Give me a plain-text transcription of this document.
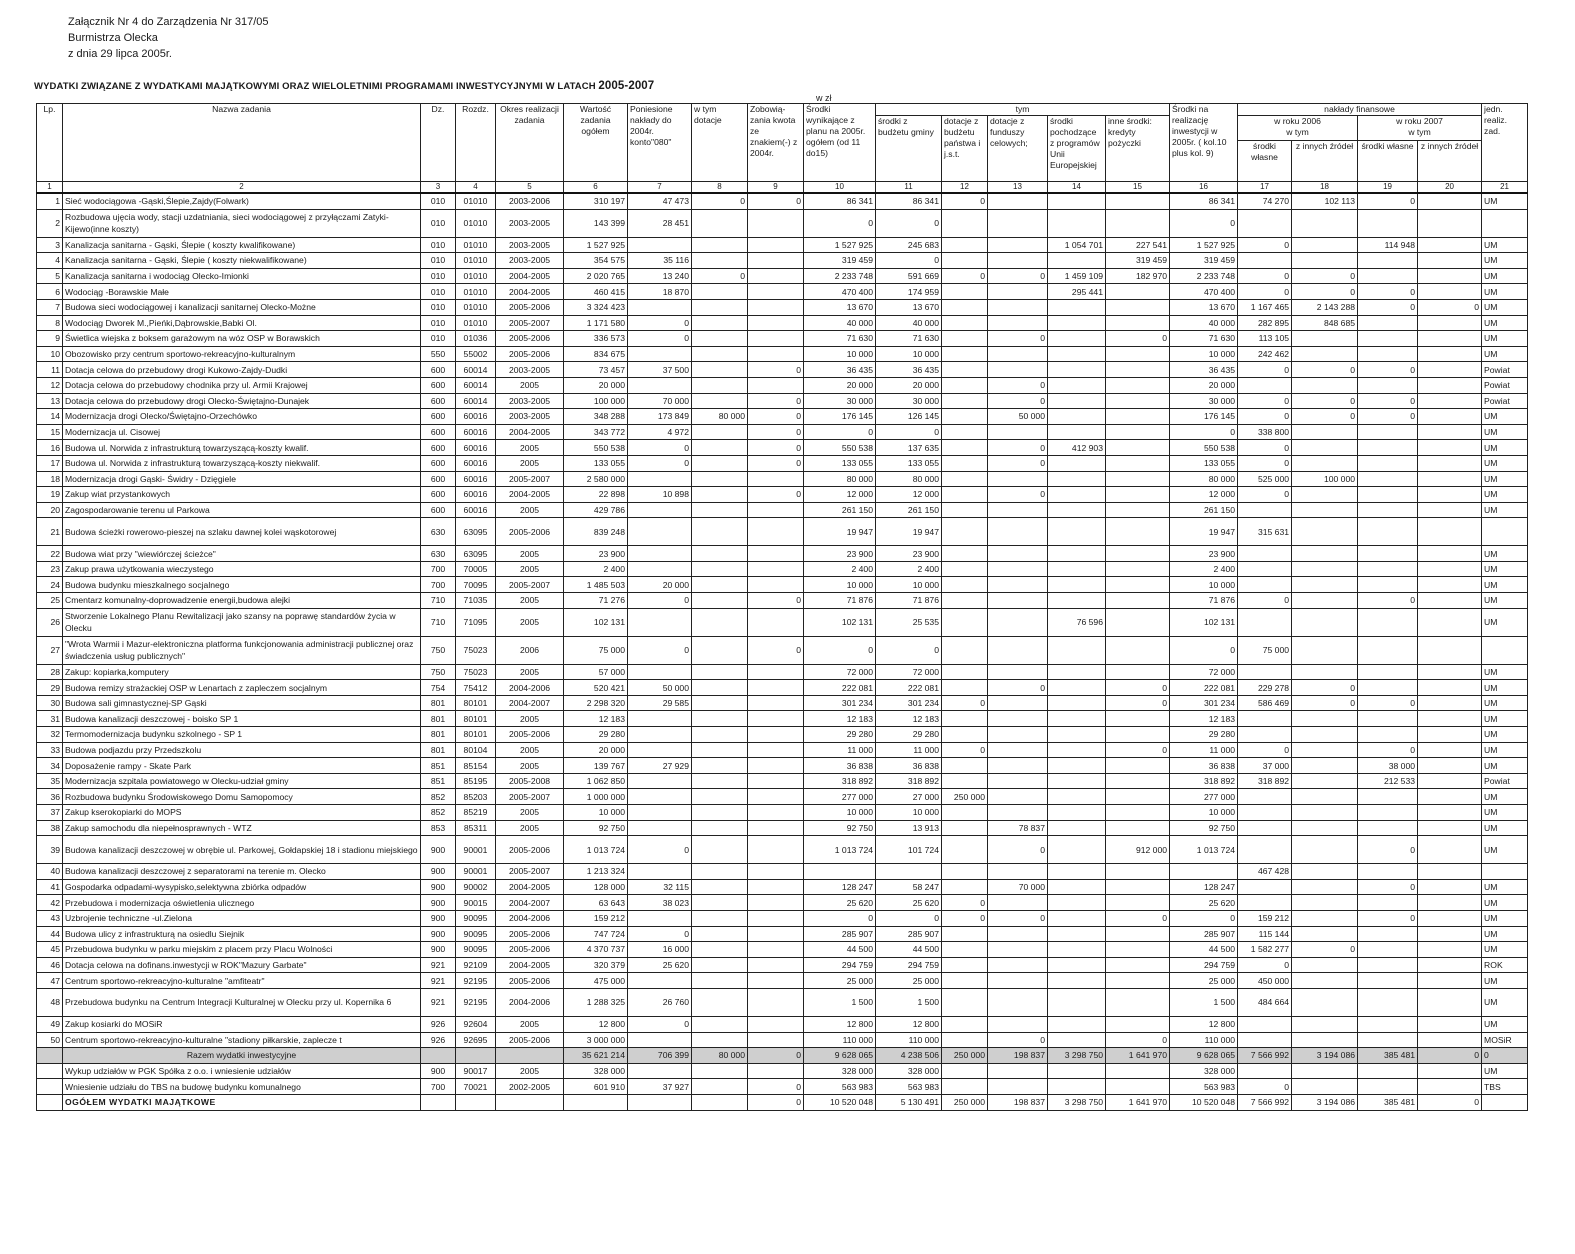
Załącznik Nr 4 do Zarządzenia Nr 317/05
Burmistrza Olecka
z dnia 29 lipca 2005r.
WYDATKI ZWIĄZANE Z WYDATKAMI MAJĄTKOWYMI ORAZ WIELOLETNIMI PROGRAMAMI INWESTYCYJNYMI W LATACH 2005-2007
w zł
Lp.	Nazwa zadania	Dz.	Rozdz.	Okres realizacji zadania	Wartość zadania ogółem	Poniesione nakłady do 2004r. konto"080"	w tym dotacje	Zobowią-zania kwota ze znakiem(-) z 2004r.	Środki wynikające z planu na 2005r. ogółem (od 11 do15)	tym					Środki na realizację inwestycji w 2005r. ( kol.10 plus kol. 9)	nakłady finansowe				jedn. realiz. zad.
										środki z budżetu gminy	dotacje z budżetu państwa i j.s.t.	dotacje z funduszy celowych;	środki pochodzące z programów Unii Europejskiej	inne środki: kredyty pożyczki		w roku 2006
w tym		w roku 2007
w tym		
																środki własne	z innych źródeł	środki własne	z innych źródeł	
1	2	3	4	5	6	7	8	9	10	11	12	13	14	15	16	17	18	19	20	21
1	Sieć wodociągowa -Gąski,Ślepie,Zajdy(Folwark)	010	01010	2003-2006	310 197	47 473	0	0	86 341	86 341	0				86 341	74 270	102 113	0		UM
2	Rozbudowa ujęcia wody, stacji uzdatniania, sieci wodociągowej z przyłączami Zatyki-Kijewo(inne koszty)	010	01010	2003-2005	143 399	28 451			0	0					0					
3	Kanalizacja sanitarna - Gąski, Ślepie ( koszty kwalifikowane)	010	01010	2003-2005	1 527 925				1 527 925	245 683			1 054 701	227 541	1 527 925	0		114 948		UM
4	Kanalizacja sanitarna - Gąski, Ślepie ( koszty niekwalifikowane)	010	01010	2003-2005	354 575	35 116			319 459	0				319 459	319 459					UM
5	Kanalizacja sanitarna i wodociąg Olecko-Imionki	010	01010	2004-2005	2 020 765	13 240	0		2 233 748	591 669	0	0	1 459 109	182 970	2 233 748	0	0			UM
6	Wodociąg -Borawskie Małe	010	01010	2004-2005	460 415	18 870			470 400	174 959			295 441		470 400	0	0	0		UM
7	Budowa sieci wodociągowej i kanalizacji sanitarnej Olecko-Możne	010	01010	2005-2006	3 324 423				13 670	13 670					13 670	1 167 465	2 143 288	0	0	UM
8	Wodociąg Dworek M.,Pieńki,Dąbrowskie,Babki Ol.	010	01010	2005-2007	1 171 580	0			40 000	40 000					40 000	282 895	848 685			UM
9	Świetlica wiejska z boksem garażowym na wóz OSP w Borawskich	010	01036	2005-2006	336 573	0			71 630	71 630		0		0	71 630	113 105				UM
10	Obozowisko przy centrum sportowo-rekreacyjno-kulturalnym	550	55002	2005-2006	834 675				10 000	10 000					10 000	242 462				UM
11	Dotacja celowa do przebudowy drogi Kukowo-Zajdy-Dudki	600	60014	2003-2005	73 457	37 500		0	36 435	36 435					36 435	0	0	0		Powiat
12	Dotacja celowa do przebudowy chodnika przy ul. Armii Krajowej	600	60014	2005	20 000				20 000	20 000		0			20 000					Powiat
13	Dotacja celowa do przebudowy drogi Olecko-Świętajno-Dunajek	600	60014	2003-2005	100 000	70 000		0	30 000	30 000		0			30 000	0	0	0		Powiat
14	Modernizacja drogi Olecko/Świętajno-Orzechówko	600	60016	2003-2005	348 288	173 849	80 000	0	176 145	126 145		50 000			176 145	0	0	0		UM
15	Modernizacja ul. Cisowej	600	60016	2004-2005	343 772	4 972		0	0	0					0	338 800				UM
16	Budowa ul. Norwida z infrastrukturą towarzyszącą-koszty kwalif.	600	60016	2005	550 538	0		0	550 538	137 635		0	412 903		550 538	0				UM
17	Budowa ul. Norwida z infrastrukturą towarzyszącą-koszty niekwalif.	600	60016	2005	133 055	0		0	133 055	133 055		0			133 055	0				UM
18	Modernizacja drogi Gąski- Świdry - Dzięgiele	600	60016	2005-2007	2 580 000				80 000	80 000					80 000	525 000	100 000			UM
19	Zakup wiat przystankowych	600	60016	2004-2005	22 898	10 898		0	12 000	12 000		0			12 000	0				UM
20	Zagospodarowanie terenu ul Parkowa	600	60016	2005	429 786				261 150	261 150					261 150					UM
21	Budowa ścieżki rowerowo-pieszej na szlaku dawnej kolei wąskotorowej	630	63095	2005-2006	839 248				19 947	19 947					19 947	315 631				
22	Budowa wiat przy "wiewiórczej ścieżce"	630	63095	2005	23 900				23 900	23 900					23 900					UM
23	Zakup prawa użytkowania wieczystego	700	70005	2005	2 400				2 400	2 400					2 400					UM
24	Budowa budynku mieszkalnego socjalnego	700	70095	2005-2007	1 485 503	20 000			10 000	10 000					10 000					UM
25	Cmentarz komunalny-doprowadzenie energii,budowa alejki	710	71035	2005	71 276	0		0	71 876	71 876					71 876	0		0		UM
26	Stworzenie Lokalnego Planu Rewitalizacji jako szansy na poprawę standardów życia w Olecku	710	71095	2005	102 131				102 131	25 535			76 596		102 131					UM
27	"Wrota Warmii i Mazur-elektroniczna platforma funkcjonowania administracji publicznej oraz świadczenia usług publicznych"	750	75023	2006	75 000	0		0	0	0					0	75 000				
28	Zakup: kopiarka,komputery	750	75023	2005	57 000				72 000	72 000					72 000					UM
29	Budowa remizy strażackiej OSP w Lenartach z zapleczem socjalnym	754	75412	2004-2006	520 421	50 000			222 081	222 081		0		0	222 081	229 278	0			UM
30	Budowa sali gimnastycznej-SP Gąski	801	80101	2004-2007	2 298 320	29 585			301 234	301 234	0			0	301 234	586 469	0	0		UM
31	Budowa kanalizacji deszczowej - boisko SP 1	801	80101	2005	12 183				12 183	12 183					12 183					UM
32	Termomodernizacja budynku szkolnego - SP 1	801	80101	2005-2006	29 280				29 280	29 280					29 280					UM
33	Budowa podjazdu przy Przedszkolu	801	80104	2005	20 000				11 000	11 000	0			0	11 000	0		0		UM
34	Doposażenie rampy - Skate Park	851	85154	2005	139 767	27 929			36 838	36 838					36 838	37 000		38 000		UM
35	Modernizacja szpitala powiatowego w Olecku-udział gminy	851	85195	2005-2008	1 062 850				318 892	318 892					318 892	318 892		212 533		Powiat
36	Rozbudowa budynku Środowiskowego Domu Samopomocy	852	85203	2005-2007	1 000 000				277 000	27 000	250 000				277 000					UM
37	Zakup kserokopiarki do MOPS	852	85219	2005	10 000				10 000	10 000					10 000					UM
38	Zakup samochodu dla niepełnosprawnych - WTZ	853	85311	2005	92 750				92 750	13 913		78 837			92 750					UM
39	Budowa kanalizacji deszczowej w obrębie ul. Parkowej, Gołdapskiej 18 i stadionu miejskiego	900	90001	2005-2006	1 013 724	0			1 013 724	101 724		0		912 000	1 013 724			0		UM
40	Budowa kanalizacji deszczowej z separatorami na terenie m. Olecko	900	90001	2005-2007	1 213 324											467 428				
41	Gospodarka odpadami-wysypisko,selektywna zbiórka odpadów	900	90002	2004-2005	128 000	32 115			128 247	58 247		70 000			128 247			0		UM
42	Przebudowa i modernizacja oświetlenia ulicznego	900	90015	2004-2007	63 643	38 023			25 620	25 620	0				25 620					UM
43	Uzbrojenie techniczne -ul.Zielona	900	90095	2004-2006	159 212				0	0	0	0		0	0	159 212		0		UM
44	Budowa ulicy z infrastrukturą na osiedlu Siejnik	900	90095	2005-2006	747 724	0			285 907	285 907					285 907	115 144				UM
45	Przebudowa budynku w parku miejskim z placem przy Placu Wolności	900	90095	2005-2006	4 370 737	16 000			44 500	44 500					44 500	1 582 277	0			UM
46	Dotacja celowa na dofinans.inwestycji w ROK"Mazury Garbate"	921	92109	2004-2005	320 379	25 620			294 759	294 759					294 759	0				ROK
47	Centrum sportowo-rekreacyjno-kulturalne "amfiteatr"	921	92195	2005-2006	475 000				25 000	25 000					25 000	450 000				UM
48	Przebudowa budynku na Centrum Integracji Kulturalnej w Olecku przy ul. Kopernika 6	921	92195	2004-2006	1 288 325	26 760			1 500	1 500					1 500	484 664				UM
49	Zakup kosiarki do MOSiR	926	92604	2005	12 800	0			12 800	12 800					12 800					UM
50	Centrum sportowo-rekreacyjno-kulturalne "stadiony piłkarskie, zaplecze t	926	92695	2005-2006	3 000 000				110 000	110 000		0		0	110 000					MOSiR
	Razem wydatki inwestycyjne				35 621 214	706 399	80 000	0	9 628 065	4 238 506	250 000	198 837	3 298 750	1 641 970	9 628 065	7 566 992	3 194 086	385 481	0	0
	Wykup udziałów w PGK Spółka z o.o. i wniesienie udziałów	900	90017	2005	328 000				328 000	328 000					328 000					UM
	Wniesienie udziału do TBS na budowę budynku komunalnego	700	70021	2002-2005	601 910	37 927		0	563 983	563 983					563 983	0				TBS
	OGÓŁEM WYDATKI MAJĄTKOWE							0	10 520 048	5 130 491	250 000	198 837	3 298 750	1 641 970	10 520 048	7 566 992	3 194 086	385 481	0	
